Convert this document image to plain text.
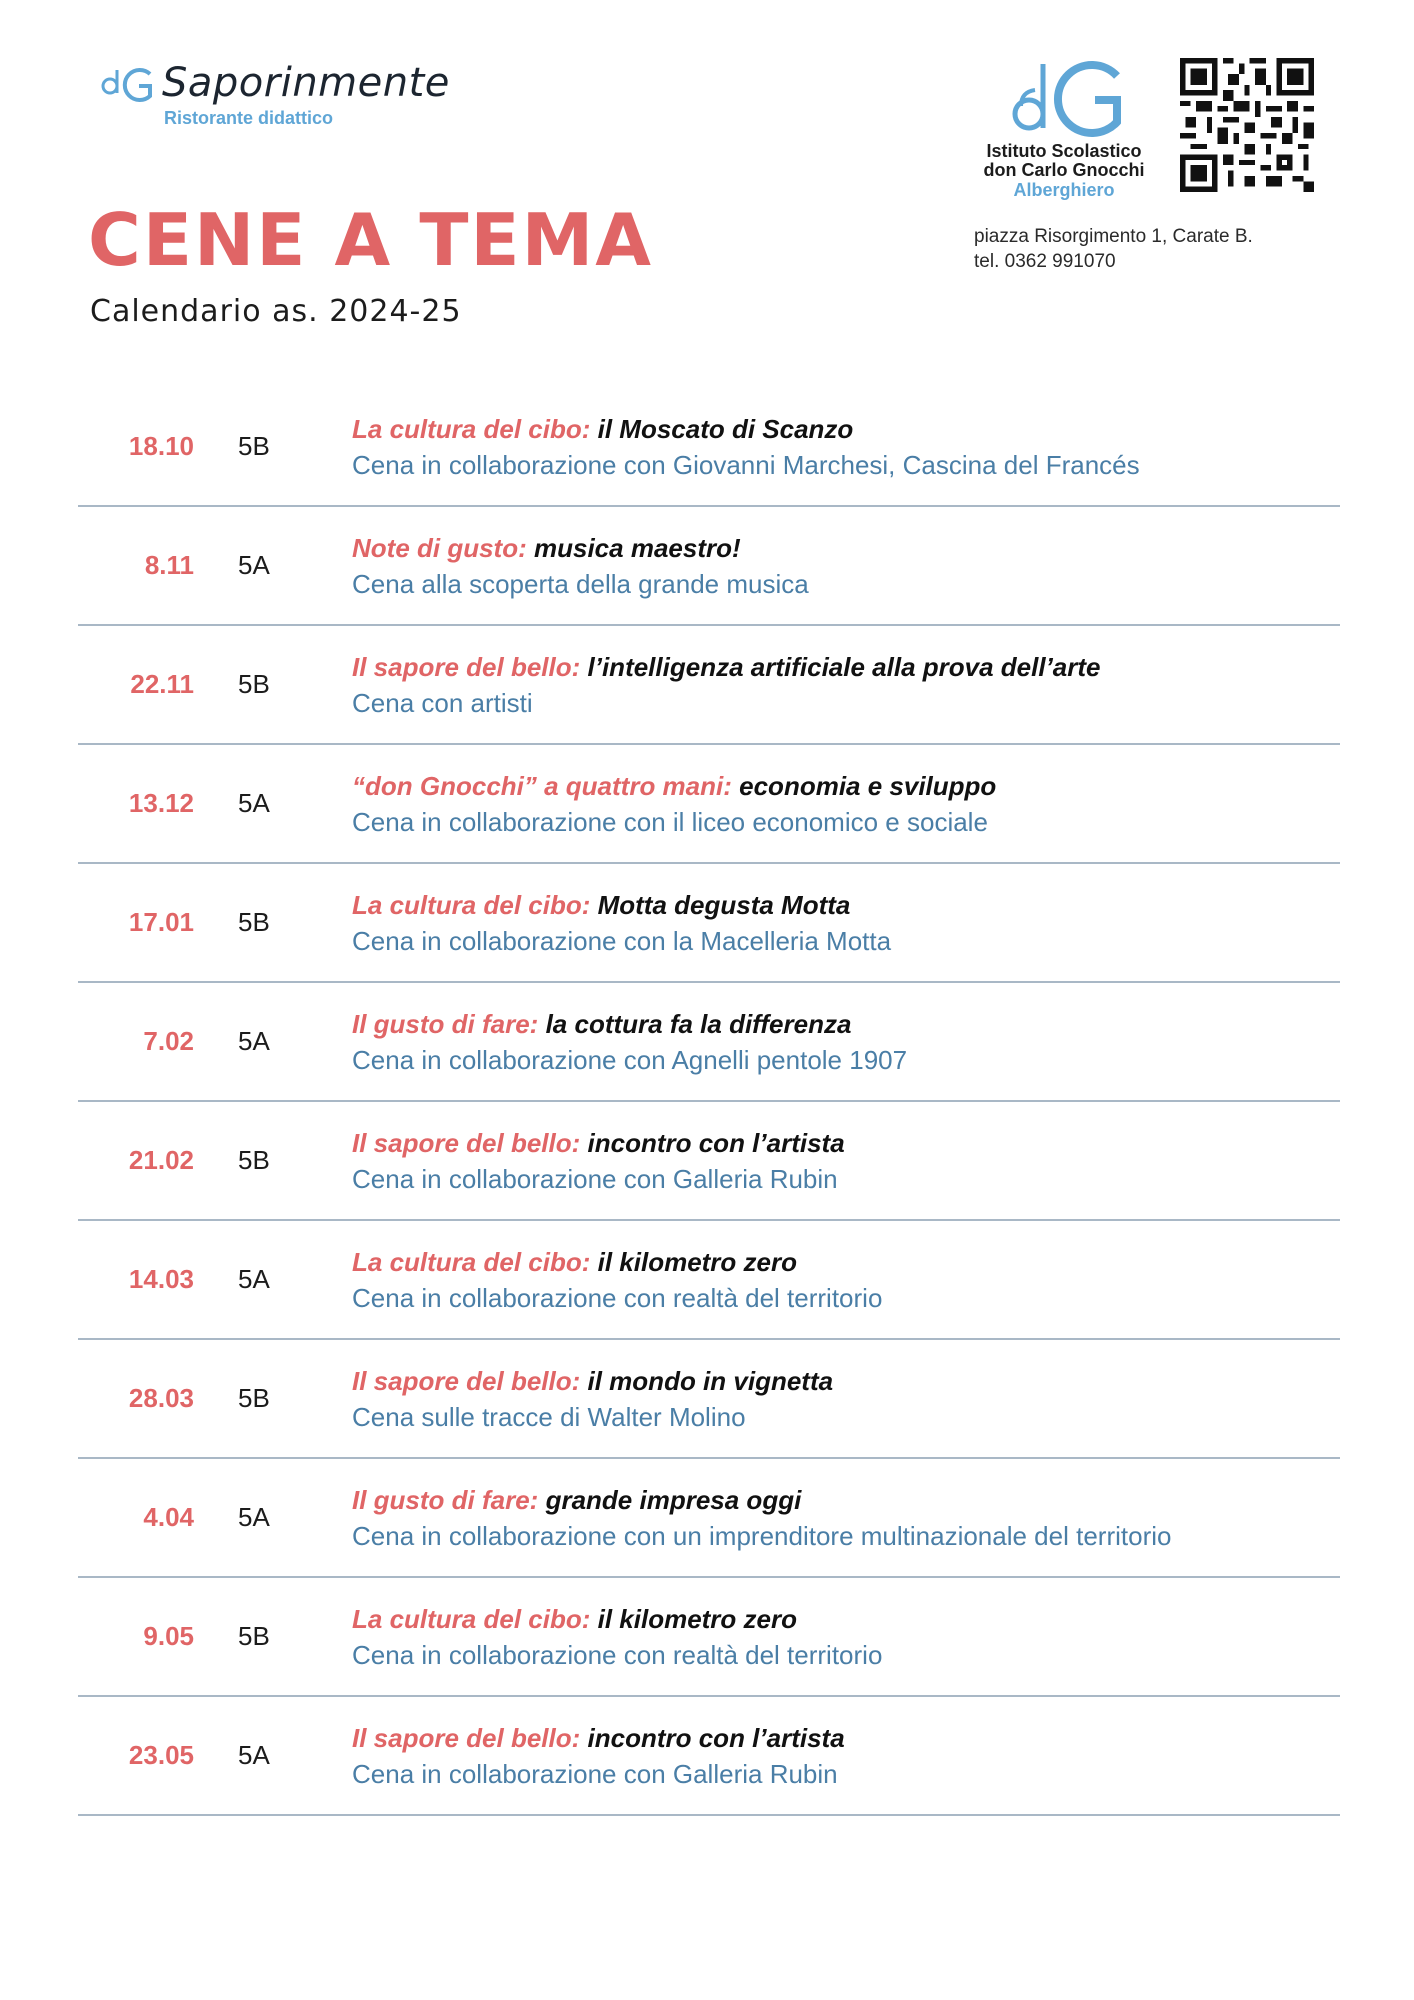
Saporinmente
Ristorante didattico
Istituto Scolastico
don Carlo Gnocchi
Alberghiero
piazza Risorgimento 1, Carate B.
tel. 0362 991070
CENE A TEMA
Calendario as. 2024-25
18.10	5B
La cultura del cibo: il Moscato di Scanzo
Cena in collaborazione con Giovanni Marchesi, Cascina del Francés
8.11	5A
Note di gusto: musica maestro!
Cena alla scoperta della grande musica
22.11	5B
Il sapore del bello: l’intelligenza artificiale alla prova dell’arte
Cena con artisti
13.12	5A
“don Gnocchi” a quattro mani: economia e sviluppo
Cena in collaborazione con il liceo economico e sociale
17.01	5B
La cultura del cibo: Motta degusta Motta
Cena in collaborazione con la Macelleria Motta
7.02	5A
Il gusto di fare: la cottura fa la differenza
Cena in collaborazione con Agnelli pentole 1907
21.02	5B
Il sapore del bello: incontro con l’artista
Cena in collaborazione con Galleria Rubin
14.03	5A
La cultura del cibo: il kilometro zero
Cena in collaborazione con realtà del territorio
28.03	5B
Il sapore del bello: il mondo in vignetta
Cena sulle tracce di Walter Molino
4.04	5A
Il gusto di fare: grande impresa oggi
Cena in collaborazione con un imprenditore multinazionale del territorio
9.05	5B
La cultura del cibo: il kilometro zero
Cena in collaborazione con realtà del territorio
23.05	5A
Il sapore del bello: incontro con l’artista
Cena in collaborazione con Galleria Rubin
